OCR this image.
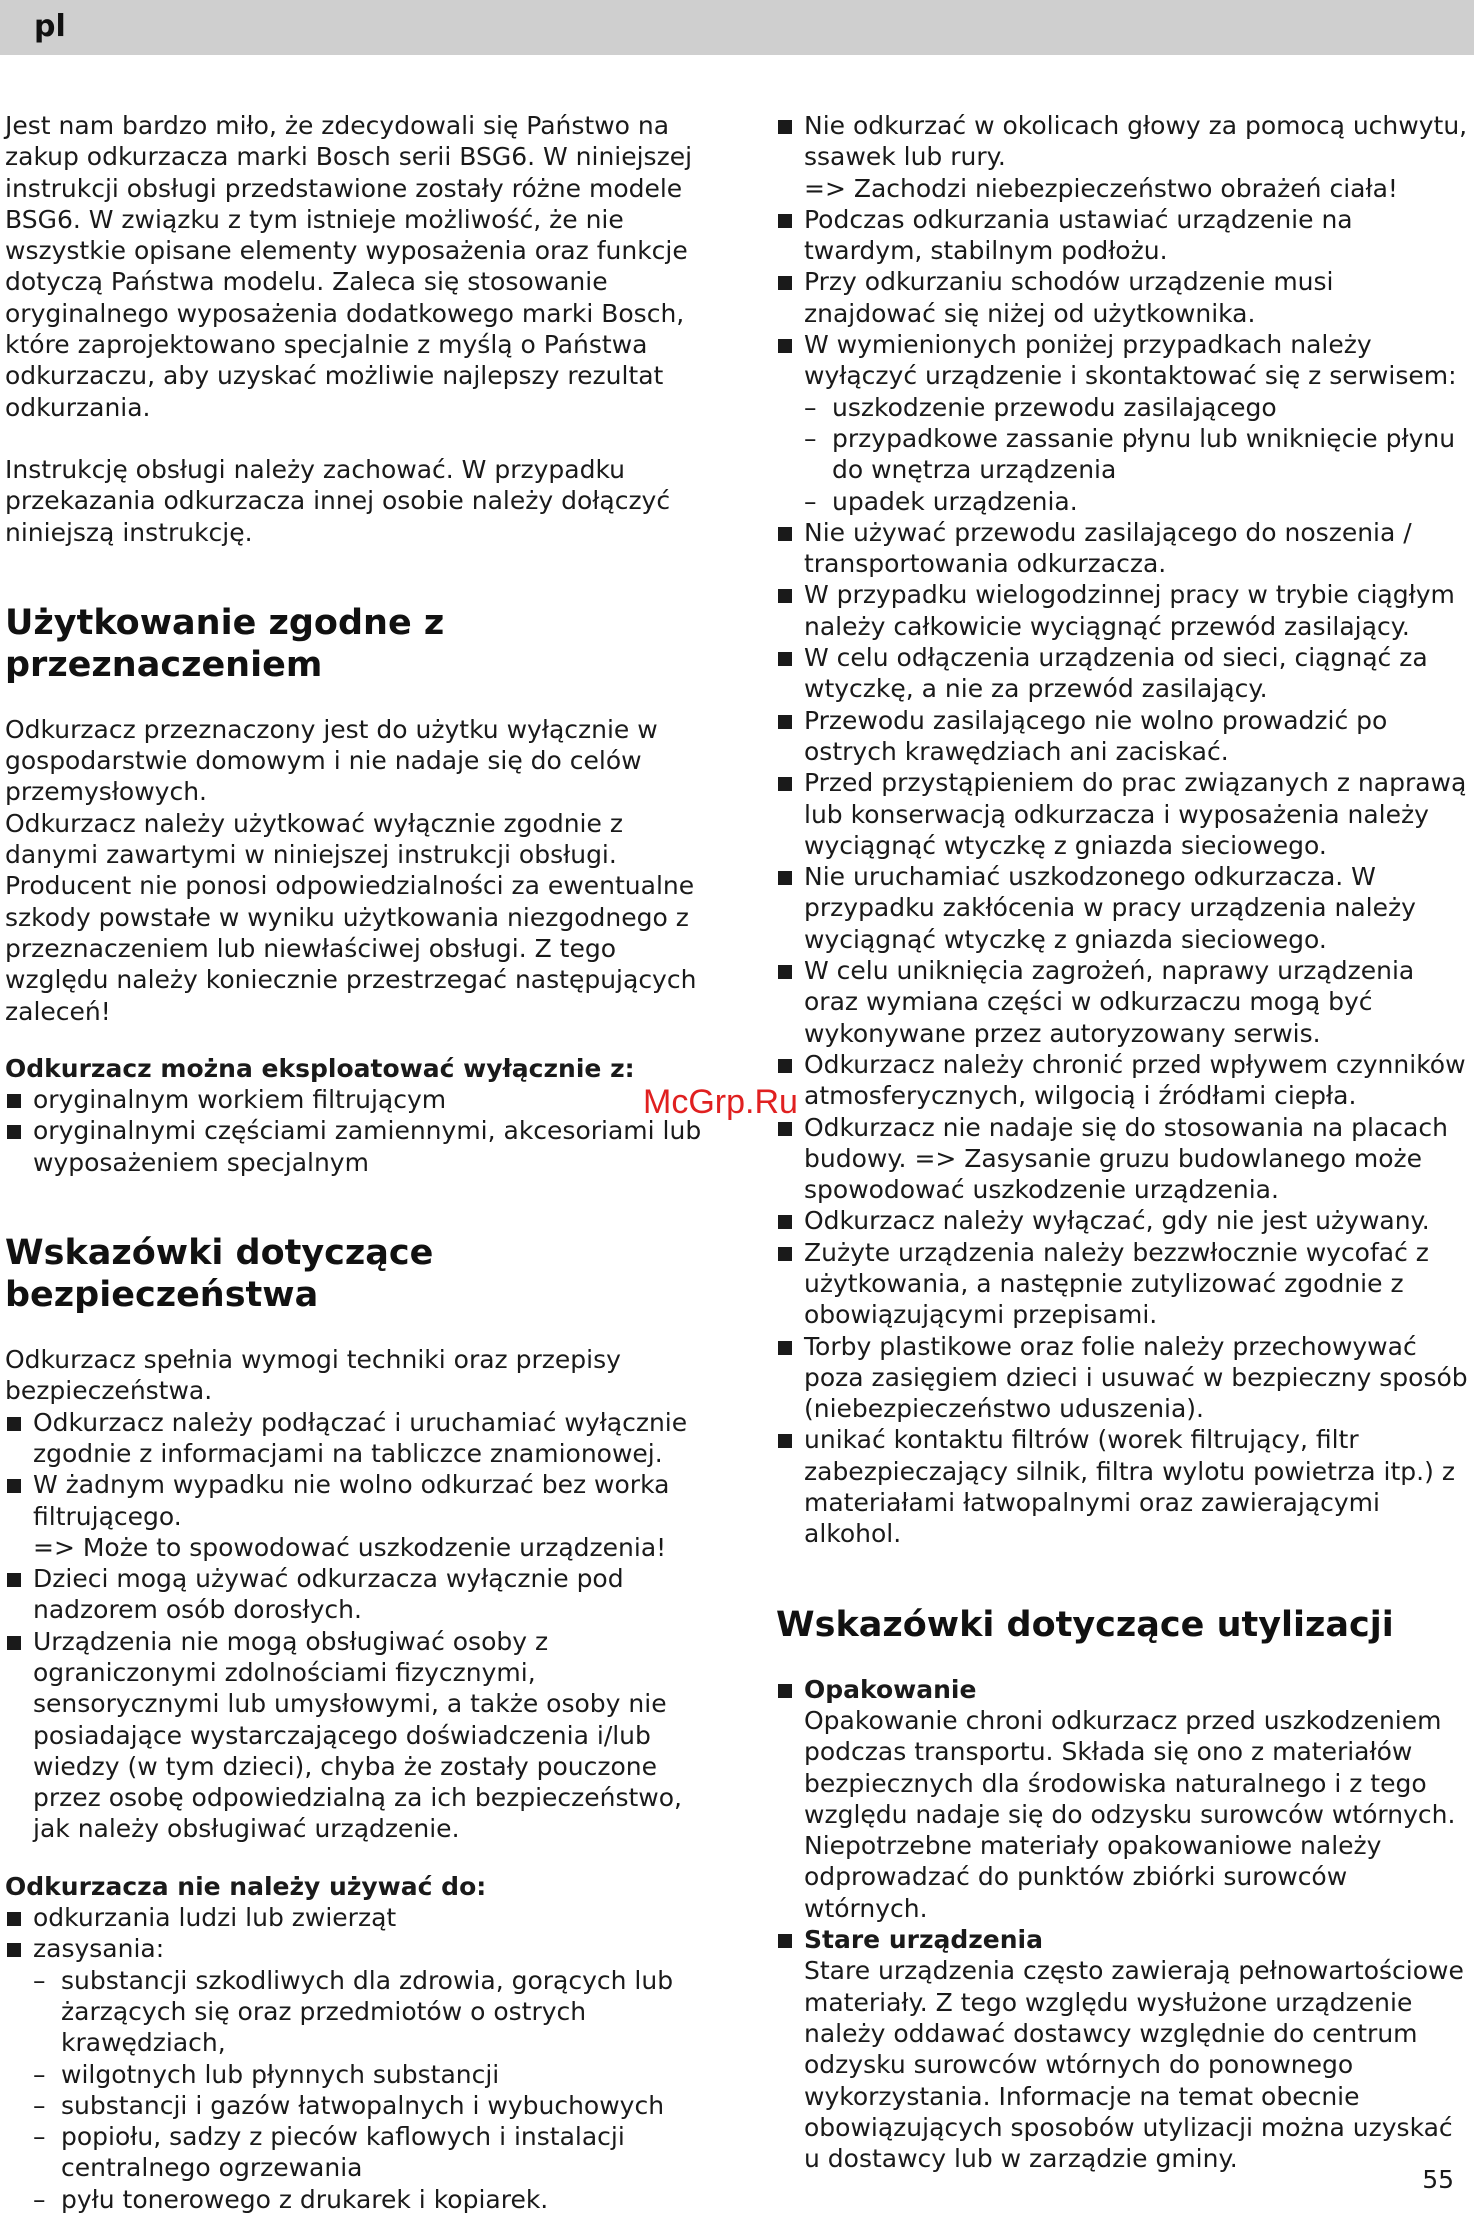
pl

Jest nam bardzo miło, że zdecydowali się Państwo na zakup odkurzacza marki Bosch serii BSG6. W niniejszej instrukcji obsługi przedstawione zostały różne modele BSG6. W związku z tym istnieje możliwość, że nie wszystkie opisane elementy wyposażenia oraz funkcje dotyczą Państwa modelu. Zaleca się stosowanie oryginalnego wyposażenia dodatkowego marki Bosch, które zaprojektowano specjalnie z myślą o Państwa odkurzaczu, aby uzyskać możliwie najlepszy rezultat odkurzania.

Instrukcję obsługi należy zachować. W przypadku przekazania odkurzacza innej osobie należy dołączyć niniejszą instrukcję.

Użytkowanie zgodne z przeznaczeniem

Odkurzacz przeznaczony jest do użytku wyłącznie w gospodarstwie domowym i nie nadaje się do celów przemysłowych.

Odkurzacz należy użytkować wyłącznie zgodnie z danymi zawartymi w niniejszej instrukcji obsługi. Producent nie ponosi odpowiedzialności za ewentualne szkody powstałe w wyniku użytkowania niezgodnego z przeznaczeniem lub niewłaściwej obsługi. Z tego względu należy koniecznie przestrzegać następujących zaleceń!

Odkurzacz można eksploatować wyłącznie z:

oryginalnym workiem filtrującym
oryginalnymi częściami zamiennymi, akcesoriami lub wyposażeniem specjalnym
Wskazówki dotyczące bezpieczeństwa

Odkurzacz spełnia wymogi techniki oraz przepisy bezpieczeństwa.

Odkurzacz należy podłączać i uruchamiać wyłącznie zgodnie z informacjami na tabliczce znamionowej.
W żadnym wypadku nie wolno odkurzać bez worka filtrującego.
=> Może to spowodować uszkodzenie urządzenia!
Dzieci mogą używać odkurzacza wyłącznie pod nadzorem osób dorosłych.
Urządzenia nie mogą obsługiwać osoby z ograniczonymi zdolnościami fizycznymi, sensorycznymi lub umysłowymi, a także osoby nie posiadające wystarczającego doświadczenia i/lub wiedzy (w tym dzieci), chyba że zostały pouczone przez osobę odpowiedzialną za ich bezpieczeństwo, jak należy obsługiwać urządzenie.

Odkurzacza nie należy używać do:

odkurzania ludzi lub zwierząt
zasysania:
– substancji szkodliwych dla zdrowia, gorących lub żarzących się oraz przedmiotów o ostrych krawędziach,
– wilgotnych lub płynnych substancji
– substancji i gazów łatwopalnych i wybuchowych
– popiołu, sadzy z pieców kaflowych i instalacji centralnego ogrzewania
– pyłu tonerowego z drukarek i kopiarek.
Nie odkurzać w okolicach głowy za pomocą uchwytu, ssawek lub rury.
=> Zachodzi niebezpieczeństwo obrażeń ciała!
Podczas odkurzania ustawiać urządzenie na twardym, stabilnym podłożu.
Przy odkurzaniu schodów urządzenie musi znajdować się niżej od użytkownika.
W wymienionych poniżej przypadkach należy wyłączyć urządzenie i skontaktować się z serwisem:
– uszkodzenie przewodu zasilającego
– przypadkowe zassanie płynu lub wniknięcie płynu do wnętrza urządzenia
– upadek urządzenia.
Nie używać przewodu zasilającego do noszenia / transportowania odkurzacza.
W przypadku wielogodzinnej pracy w trybie ciągłym należy całkowicie wyciągnąć przewód zasilający.
W celu odłączenia urządzenia od sieci, ciągnąć za wtyczkę, a nie za przewód zasilający.
Przewodu zasilającego nie wolno prowadzić po ostrych krawędziach ani zaciskać.
Przed przystąpieniem do prac związanych z naprawą lub konserwacją odkurzacza i wyposażenia należy wyciągnąć wtyczkę z gniazda sieciowego.
Nie uruchamiać uszkodzonego odkurzacza. W przypadku zakłócenia w pracy urządzenia należy wyciągnąć wtyczkę z gniazda sieciowego.
W celu uniknięcia zagrożeń, naprawy urządzenia oraz wymiana części w odkurzaczu mogą być wykonywane przez autoryzowany serwis.
Odkurzacz należy chronić przed wpływem czynników atmosferycznych, wilgocią i źródłami ciepła.
Odkurzacz nie nadaje się do stosowania na placach budowy. => Zasysanie gruzu budowlanego może spowodować uszkodzenie urządzenia.
Odkurzacz należy wyłączać, gdy nie jest używany.
Zużyte urządzenia należy bezzwłocznie wycofać z użytkowania, a następnie zutylizować zgodnie z obowiązującymi przepisami.
Torby plastikowe oraz folie należy przechowywać poza zasięgiem dzieci i usuwać w bezpieczny sposób (niebezpieczeństwo uduszenia).
unikać kontaktu filtrów (worek filtrujący, filtr zabezpieczający silnik, filtra wylotu powietrza itp.) z materiałami łatwopalnymi oraz zawierającymi alkohol.
Wskazówki dotyczące utylizacji
Opakowanie
Opakowanie chroni odkurzacz przed uszkodzeniem podczas transportu. Składa się ono z materiałów bezpiecznych dla środowiska naturalnego i z tego względu nadaje się do odzysku surowców wtórnych. Niepotrzebne materiały opakowaniowe należy odprowadzać do punktów zbiórki surowców wtórnych.
Stare urządzenia
Stare urządzenia często zawierają pełnowartościowe materiały. Z tego względu wysłużone urządzenie należy oddawać dostawcy względnie do centrum odzysku surowców wtórnych do ponownego wykorzystania. Informacje na temat obecnie obowiązujących sposobów utylizacji można uzyskać u dostawcy lub w zarządzie gminy.
McGrp.Ru
55
